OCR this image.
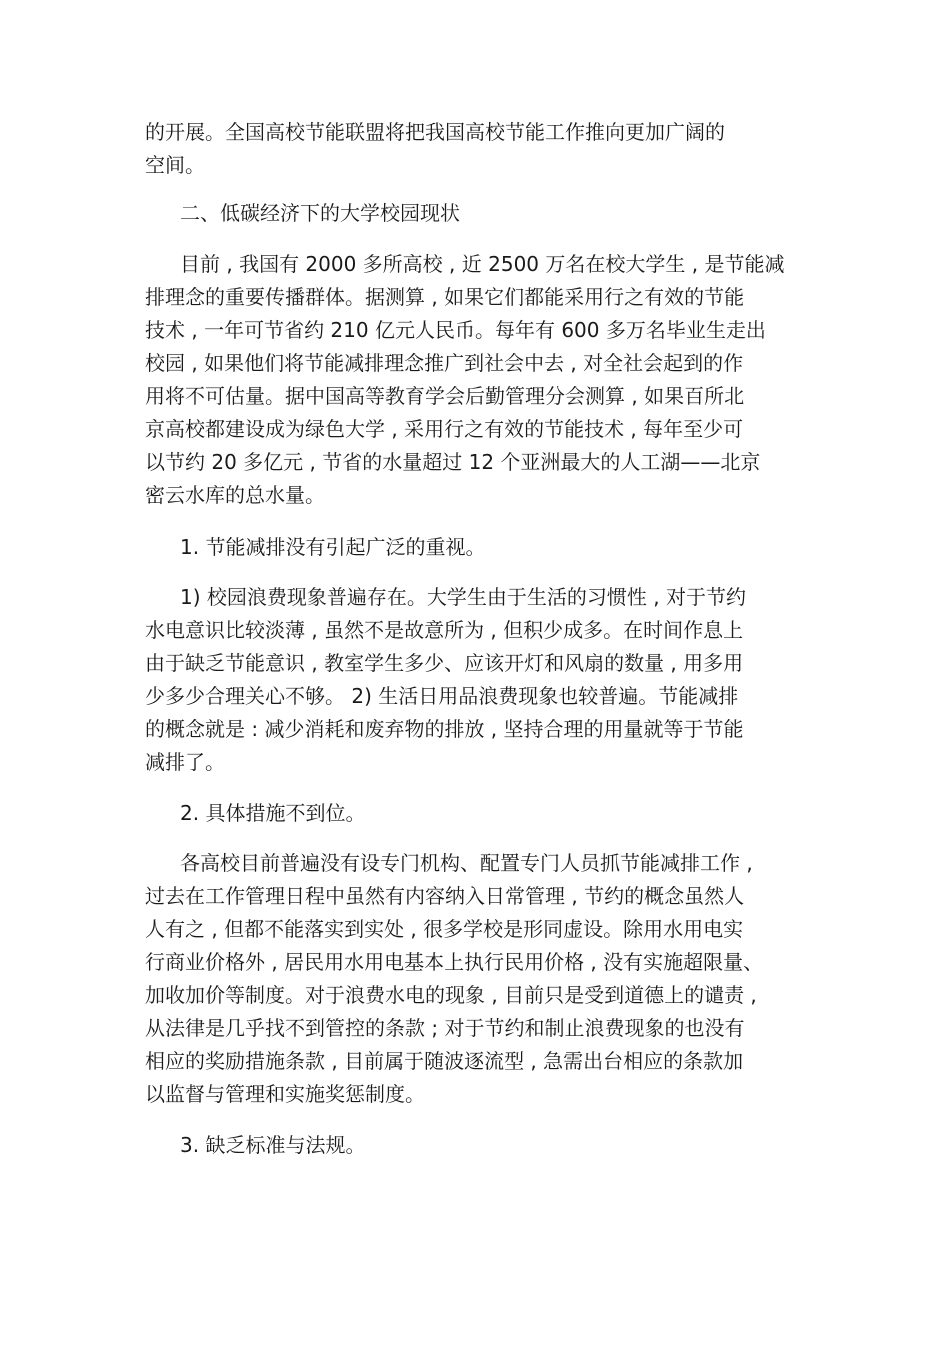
的开展。全国高校节能联盟将把我国高校节能工作推向更加广阔的
空间。
二、低碳经济下的大学校园现状
目前 , 我国有 2000 多所高校 , 近 2500 万名在校大学生 , 是节能减
排理念的重要传播群体。据测算 , 如果它们都能采用行之有效的节能
技术 , 一年可节省约 210 亿元人民币。每年有 600 多万名毕业生走出
校园 , 如果他们将节能减排理念推广到社会中去 , 对全社会起到的作
用将不可估量。据中国高等教育学会后勤管理分会测算 , 如果百所北
京高校都建设成为绿色大学 , 采用行之有效的节能技术 , 每年至少可
以节约 20 多亿元 , 节省的水量超过 12 个亚洲最大的人工湖——北京
密云水库的总水量。
1. 节能减排没有引起广泛的重视。
1) 校园浪费现象普遍存在。大学生由于生活的习惯性 , 对于节约
水电意识比较淡薄 , 虽然不是故意所为 , 但积少成多。在时间作息上
由于缺乏节能意识 , 教室学生多少、应该开灯和风扇的数量 , 用多用
少多少合理关心不够。 2) 生活日用品浪费现象也较普遍。节能减排
的概念就是 : 减少消耗和废弃物的排放 , 坚持合理的用量就等于节能
减排了。
2. 具体措施不到位。
各高校目前普遍没有设专门机构、配置专门人员抓节能减排工作 ,
过去在工作管理日程中虽然有内容纳入日常管理 , 节约的概念虽然人
人有之 , 但都不能落实到实处 , 很多学校是形同虚设。除用水用电实
行商业价格外 , 居民用水用电基本上执行民用价格 , 没有实施超限量、
加收加价等制度。对于浪费水电的现象 , 目前只是受到道德上的谴责 ,
从法律是几乎找不到管控的条款 ; 对于节约和制止浪费现象的也没有
相应的奖励措施条款 , 目前属于随波逐流型 , 急需出台相应的条款加
以监督与管理和实施奖惩制度。
3. 缺乏标准与法规。
